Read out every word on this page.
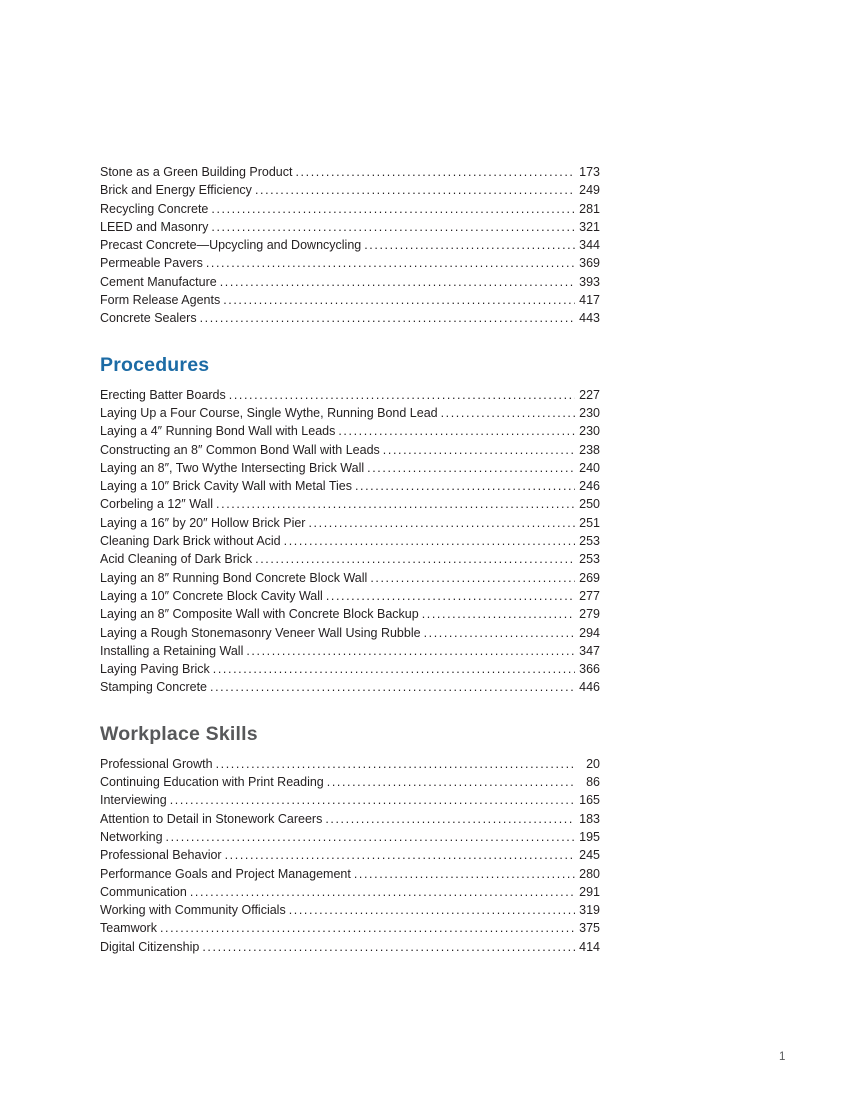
Stone as a Green Building Product .....	173
Brick and Energy Efficiency .....	249
Recycling Concrete .....	281
LEED and Masonry .....	321
Precast Concrete—Upcycling and Downcycling .....	344
Permeable Pavers .....	369
Cement Manufacture .....	393
Form Release Agents .....	417
Concrete Sealers .....	443
Procedures
Erecting Batter Boards .....	227
Laying Up a Four Course, Single Wythe, Running Bond Lead .....	230
Laying a 4″ Running Bond Wall with Leads .....	230
Constructing an 8″ Common Bond Wall with Leads .....	238
Laying an 8″, Two Wythe Intersecting Brick Wall .....	240
Laying a 10″ Brick Cavity Wall with Metal Ties .....	246
Corbeling a 12″ Wall .....	250
Laying a 16″ by 20″ Hollow Brick Pier .....	251
Cleaning Dark Brick without Acid .....	253
Acid Cleaning of Dark Brick .....	253
Laying an 8″ Running Bond Concrete Block Wall .....	269
Laying a 10″ Concrete Block Cavity Wall .....	277
Laying an 8″ Composite Wall with Concrete Block Backup .....	279
Laying a Rough Stonemasonry Veneer Wall Using Rubble .....	294
Installing a Retaining Wall .....	347
Laying Paving Brick .....	366
Stamping Concrete .....	446
Workplace Skills
Professional Growth .....	20
Continuing Education with Print Reading .....	86
Interviewing .....	165
Attention to Detail in Stonework Careers .....	183
Networking .....	195
Professional Behavior .....	245
Performance Goals and Project Management .....	280
Communication .....	291
Working with Community Officials .....	319
Teamwork .....	375
Digital Citizenship .....	414
1
